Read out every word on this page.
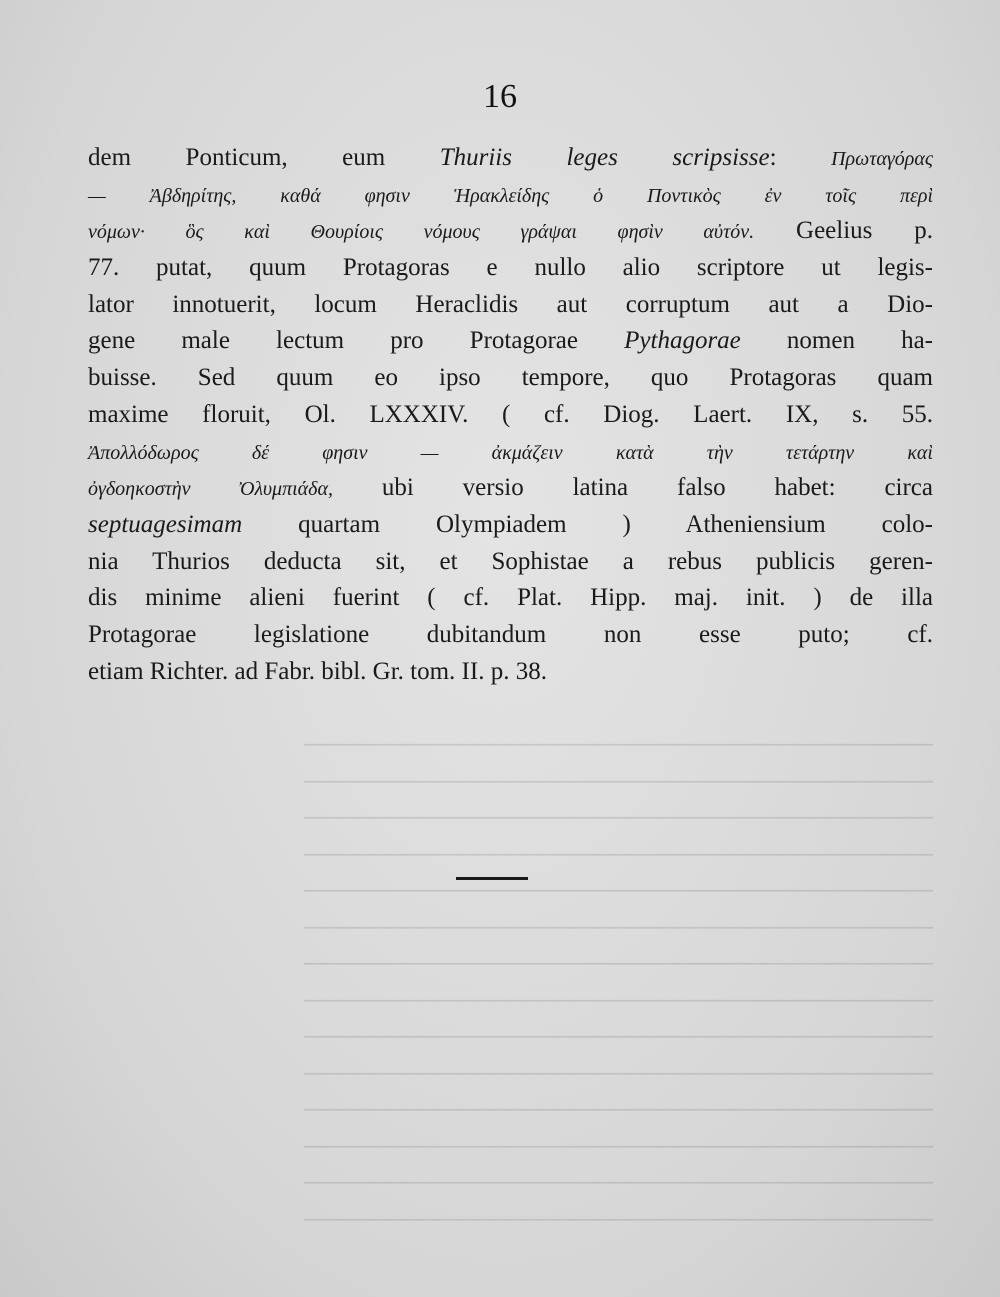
─────────────────────────────────────
─────────────────────────────────────
─────────────────────────────────────
─────────────────────────────────────
─────────────────────────────────────
─────────────────────────────────────
─────────────────────────────────────
─────────────────────────────────────
─────────────────────────────────────
─────────────────────────────────────
─────────────────────────────────────
─────────────────────────────────────
─────────────────────────────────────
─────────────────────────────────────
16
dem Ponticum, eum Thuriis leges scripsisse: Πρωταγόρας
— Ἀβδηρίτης, καθά φησιν Ἡρακλείδης ὁ Ποντικὸς ἐν τοῖς περὶ
νόμων· ὃς καὶ Θουρίοις νόμους γράψαι φησὶν αὐτόν. Geelius p.
77. putat, quum Protagoras e nullo alio scriptore ut legis-
lator innotuerit, locum Heraclidis aut corruptum aut a Dio-
gene male lectum pro Protagorae Pythagorae nomen ha-
buisse. Sed quum eo ipso tempore, quo Protagoras quam
maxime floruit, Ol. LXXXIV. ( cf. Diog. Laert. IX, s. 55.
Ἀπολλόδωρος δέ φησιν — ἀκμάζειν κατὰ τὴν τετάρτην καὶ
ὀγδοηκοστὴν Ὀλυμπιάδα, ubi versio latina falso habet: circa
septuagesimam quartam Olympiadem ) Atheniensium colo-
nia Thurios deducta sit, et Sophistae a rebus publicis geren-
dis minime alieni fuerint ( cf. Plat. Hipp. maj. init. ) de illa
Protagorae legislatione dubitandum non esse puto; cf.
etiam Richter. ad Fabr. bibl. Gr. tom. II. p. 38.
